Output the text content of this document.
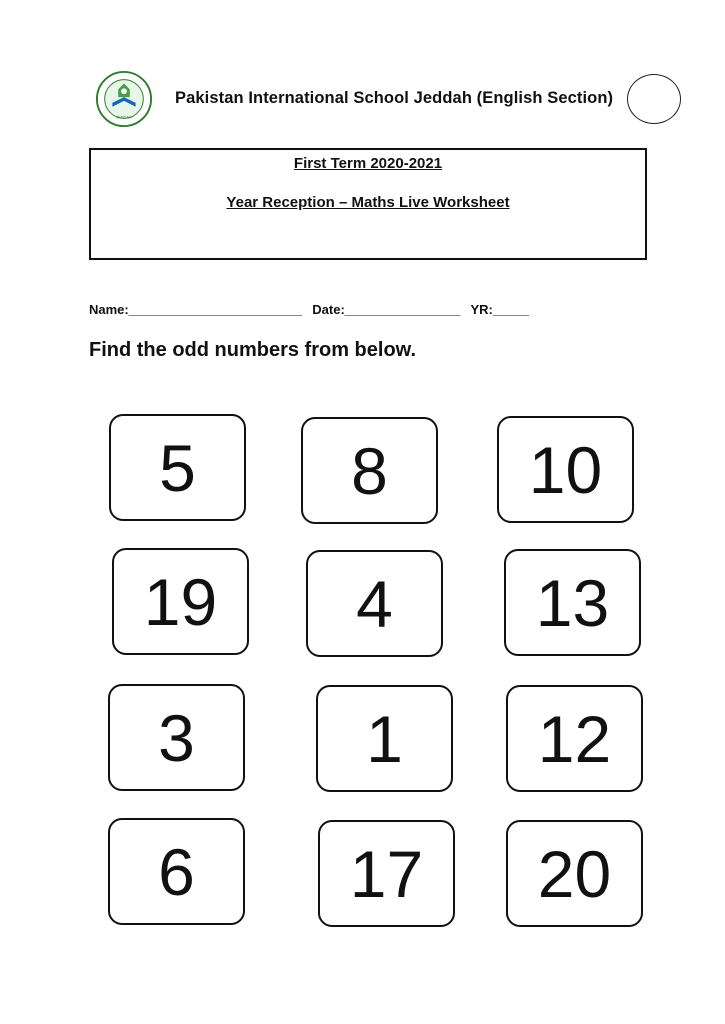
JEDDAH
Pakistan International School Jeddah (English Section)
First Term 2020-2021
Year Reception – Maths Live Worksheet
Name:________________________ Date:________________ YR:_____
Find the odd numbers from below.
5	8	10
19	4	13
3	1	12
6	17	20
